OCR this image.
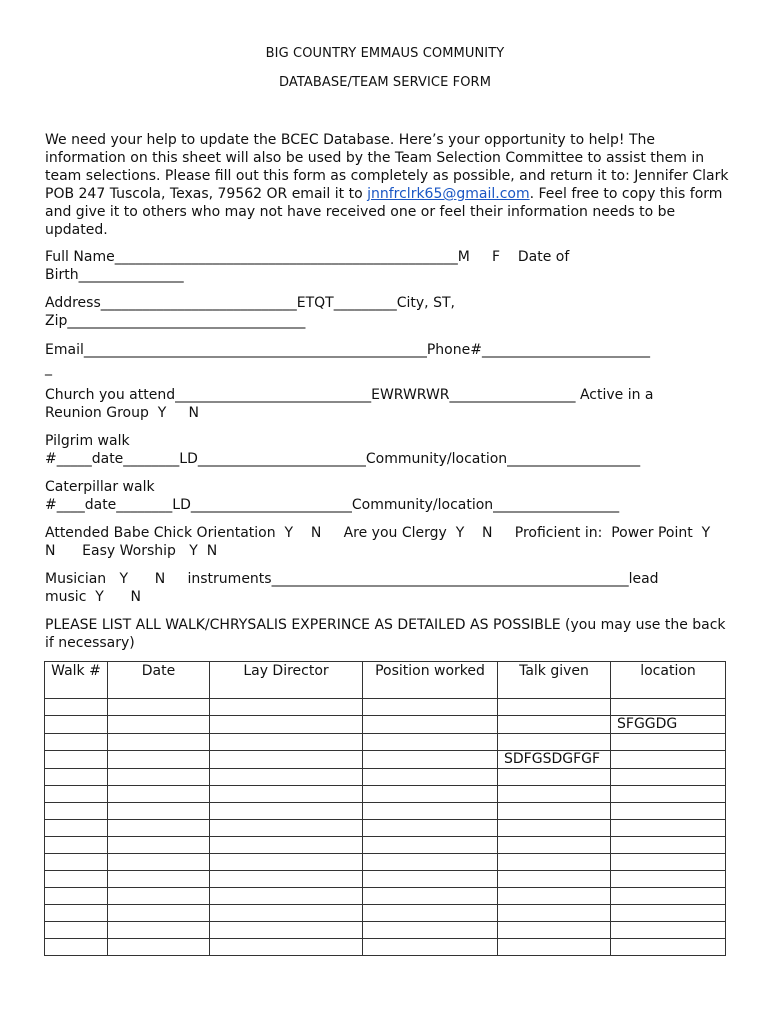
BIG COUNTRY EMMAUS COMMUNITY
DATABASE/TEAM SERVICE FORM
We need your help to update the BCEC Database. Here’s your opportunity to help! The
information on this sheet will also be used by the Team Selection Committee to assist them in
team selections. Please fill out this form as completely as possible, and return it to: Jennifer Clark
POB 247 Tuscola, Texas, 79562 OR email it to jnnfrclrk65@gmail.com. Feel free to copy this form
and give it to others who may not have received one or feel their information needs to be
updated.
Full Name_________________________________________________M     F    Date of
Birth_______________
Address____________________________ETQT_________City, ST,
Zip__________________________________
Email_________________________________________________Phone#________________________
_
Church you attend____________________________EWRWRWR__________________ Active in a
Reunion Group  Y     N
Pilgrim walk
#_____date________LD________________________Community/location___________________
Caterpillar walk
#____date________LD_______________________Community/location__________________
Attended Babe Chick Orientation  Y    N     Are you Clergy  Y    N     Proficient in:  Power Point  Y
N      Easy Worship   Y  N
Musician   Y      N     instruments___________________________________________________lead
music  Y      N
PLEASE LIST ALL WALK/CHRYSALIS EXPERINCE AS DETAILED AS POSSIBLE (you may use the back
if necessary)
Walk #	Date	Lay Director	Position worked	Talk given	location

					SFGGDG

				SDFGSDGFGF	
